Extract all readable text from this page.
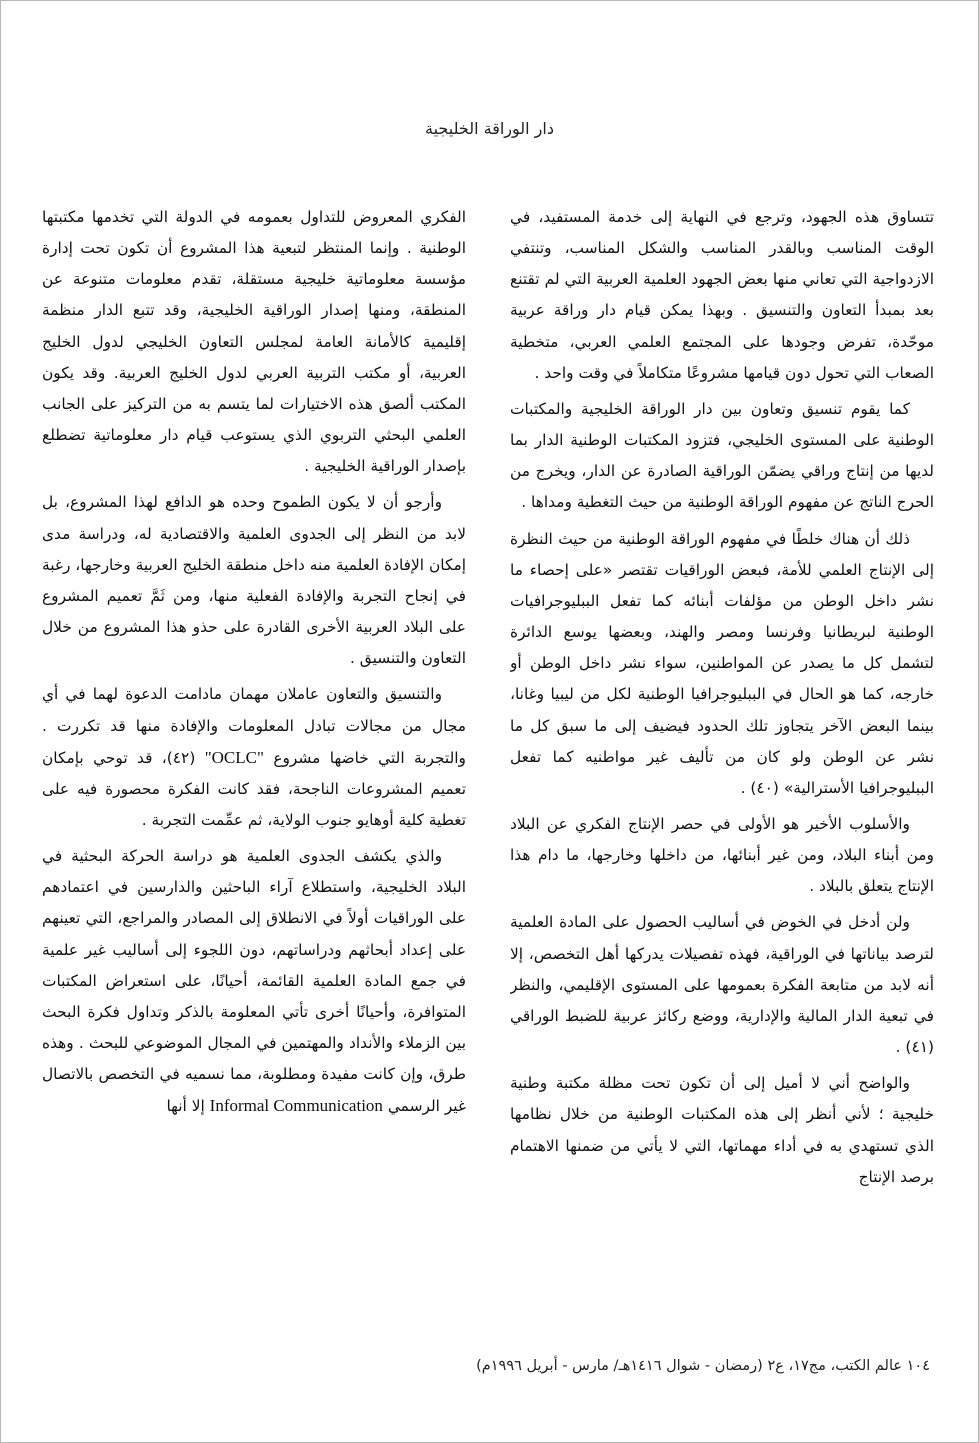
دار الوراقة الخليجية

تتساوق هذه الجهود، وترجع في النهاية إلى خدمة المستفيد، في الوقت المناسب وبالقدر المناسب والشكل المناسب، وتنتفي الازدواجية التي تعاني منها بعض الجهود العلمية العربية التي لم تقتنع بعد بمبدأ التعاون والتنسيق . وبهذا يمكن قيام دار وراقة عربية موحّدة، تفرض وجودها على المجتمع العلمي العربي، متخطية الصعاب التي تحول دون قيامها مشروعًا متكاملاً في وقت واحد .

كما يقوم تنسيق وتعاون بين دار الوراقة الخليجية والمكتبات الوطنية على المستوى الخليجي، فتزود المكتبات الوطنية الدار بما لديها من إنتاج وراقي يضمّن الوراقية الصادرة عن الدار، ويخرج من الحرج الناتج عن مفهوم الوراقة الوطنية من حيث التغطية ومداها .

ذلك أن هناك خلطًا في مفهوم الوراقة الوطنية من حيث النظرة إلى الإنتاج العلمي للأمة، فبعض الوراقيات تقتصر «على إحصاء ما نشر داخل الوطن من مؤلفات أبنائه كما تفعل الببليوجرافيات الوطنية لبريطانيا وفرنسا ومصر والهند، وبعضها يوسع الدائرة لتشمل كل ما يصدر عن المواطنين، سواء نشر داخل الوطن أو خارجه، كما هو الحال في الببليوجرافيا الوطنية لكل من ليبيا وغانا، بينما البعض الآخر يتجاوز تلك الحدود فيضيف إلى ما سبق كل ما نشر عن الوطن ولو كان من تأليف غير مواطنيه كما تفعل الببليوجرافيا الأسترالية» (٤٠) .

والأسلوب الأخير هو الأولى في حصر الإنتاج الفكري عن البلاد ومن أبناء البلاد، ومن غير أبنائها، من داخلها وخارجها، ما دام هذا الإنتاج يتعلق بالبلاد .

ولن أدخل في الخوض في أساليب الحصول على المادة العلمية لترصد بياناتها في الوراقية، فهذه تفصيلات يدركها أهل التخصص، إلا أنه لابد من متابعة الفكرة بعمومها على المستوى الإقليمي، والنظر في تبعية الدار المالية والإدارية، ووضع ركائز عربية للضبط الوراقي (٤١) .

والواضح أني لا أميل إلى أن تكون تحت مظلة مكتبة وطنية خليجية ؛ لأني أنظر إلى هذه المكتبات الوطنية من خلال نظامها الذي تستهدي به في أداء مهماتها، التي لا يأتي من ضمنها الاهتمام برصد الإنتاج

الفكري المعروض للتداول بعمومه في الدولة التي تخدمها مكتبتها الوطنية . وإنما المنتظر لتبعية هذا المشروع أن تكون تحت إدارة مؤسسة معلوماتية خليجية مستقلة، تقدم معلومات متنوعة عن المنطقة، ومنها إصدار الوراقية الخليجية، وقد تتبع الدار منظمة إقليمية كالأمانة العامة لمجلس التعاون الخليجي لدول الخليج العربية، أو مكتب التربية العربي لدول الخليج العربية. وقد يكون المكتب ألصق هذه الاختيارات لما يتسم به من التركيز على الجانب العلمي البحثي التربوي الذي يستوعب قيام دار معلوماتية تضطلع بإصدار الوراقية الخليجية .

وأرجو أن لا يكون الطموح وحده هو الدافع لهذا المشروع، بل لابد من النظر إلى الجدوى العلمية والاقتصادية له، ودراسة مدى إمكان الإفادة العلمية منه داخل منطقة الخليج العربية وخارجها، رغبة في إنجاح التجربة والإفادة الفعلية منها، ومن ثَمَّ تعميم المشروع على البلاد العربية الأخرى القادرة على حذو هذا المشروع من خلال التعاون والتنسيق .

والتنسيق والتعاون عاملان مهمان مادامت الدعوة لهما في أي مجال من مجالات تبادل المعلومات والإفادة منها قد تكررت . والتجربة التي خاضها مشروع "OCLC" (٤٢)، قد توحي بإمكان تعميم المشروعات الناجحة، فقد كانت الفكرة محصورة فيه على تغطية كلية أوهايو جنوب الولاية، ثم عمِّمت التجربة .

والذي يكشف الجدوى العلمية هو دراسة الحركة البحثية في البلاد الخليجية، واستطلاع آراء الباحثين والدارسين في اعتمادهم على الوراقيات أولاً في الانطلاق إلى المصادر والمراجع، التي تعينهم على إعداد أبحاثهم ودراساتهم، دون اللجوء إلى أساليب غير علمية في جمع المادة العلمية القائمة، أحيانًا، على استعراض المكتبات المتوافرة، وأحيانًا أخرى تأتي المعلومة بالذكر وتداول فكرة البحث بين الزملاء والأنداد والمهتمين في المجال الموضوعي للبحث . وهذه طرق، وإن كانت مفيدة ومطلوبة، مما نسميه في التخصص بالاتصال غير الرسمي Informal Communication إلا أنها

١٠٤ عالم الكتب، مج١٧، ع٢ (رمضان - شوال ١٤١٦هـ/ مارس - أبريل ١٩٩٦م)
